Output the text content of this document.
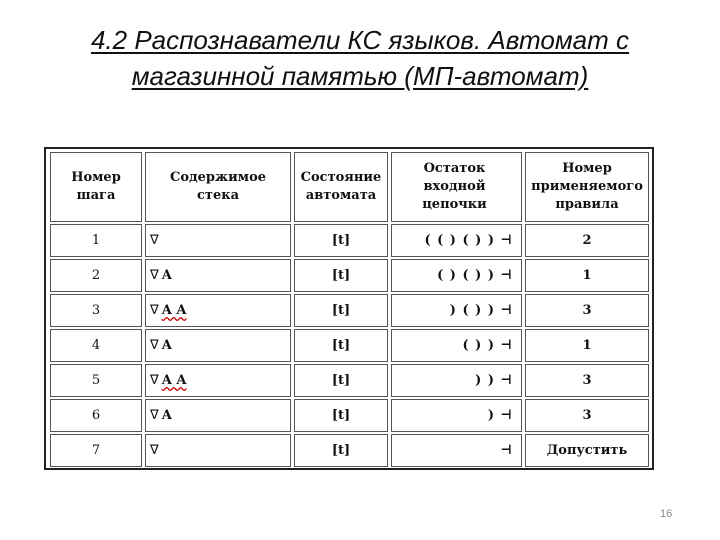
4.2 Распознаватели КС языков. Автомат с магазинной памятью (МП-автомат)
Номер шага	Содержимое стека	Состояние автомата	Остаток входной цепочки	Номер применяемого правила
1	∇	[t]	( ( ) ( ) ) ⊣	2
2	∇ A	[t]	( ) ( ) ) ⊣	1
3	∇ A A	[t]	) ( ) ) ⊣	3
4	∇ A	[t]	( ) ) ⊣	1
5	∇ A A	[t]	) ) ⊣	3
6	∇ A	[t]	) ⊣	3
7	∇	[t]	⊣	Допустить
16
